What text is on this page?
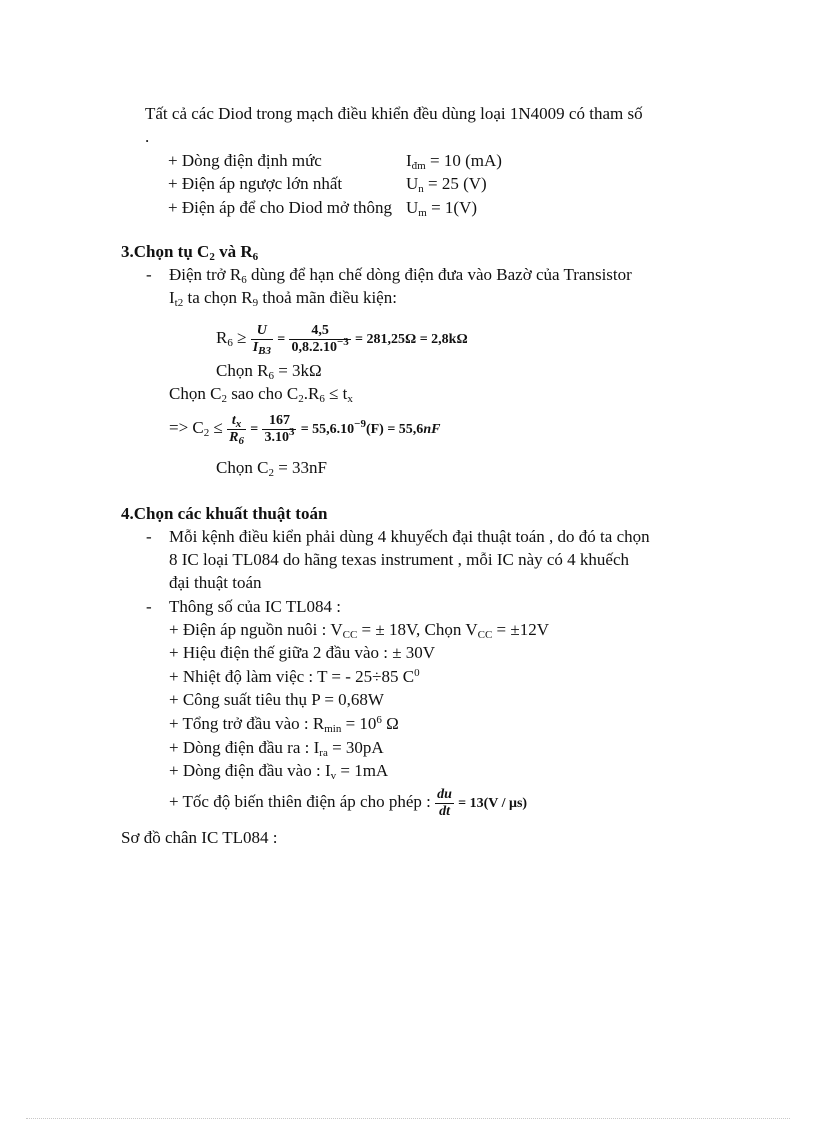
Tất cả các Diod trong mạch điều khiển đều dùng loại 1N4009 có tham số
.
+ Dòng điện định mức	$I_{đm} = 10$ (mA)
+ Điện áp ngược lớn nhất	$U_n = 25$ (V)
+ Điện áp để cho Diod mở thông $U_m = 1(V)$
3.Chọn tụ $C_2$ và $R_6$
- Điện trở $R_6$ dùng để hạn chế dòng điện đưa vào Bazờ của Transistor
$I_{t2}$ ta chọn $R_9$ thoả mãn điều kiện:
$R_6 \ge \frac{U}{I_{B3}} = \frac{4,5}{0,8.2.10^{-3}} = 281,25\Omega = 2,8k\Omega$
Chọn $R_6 = 3k\Omega$
Chọn $C_2$ sao cho $C_2.R_6 \le t_x$
=> $C_2 \le \frac{t_x}{R_6} = \frac{167}{3.10^3} = 55,6.10^{-9}(F) = 55,6nF$
Chọn $C_2 = 33nF$
4.Chọn các khuất thuật toán
- Mỗi kệnh điều kiển phải dùng 4 khuyếch đại thuật toán , do đó ta chọn
8 IC loại TL084 do hãng texas instrument , mỗi IC này có 4 khuếch
đại thuật toán
- Thông số của IC TL084 :
+ Điện áp nguồn nuôi : $V_{CC}$ = ± 18V, Chọn $V_{CC} = \pm 12V$
+ Hiệu điện thế giữa 2 đầu vào : ± 30V
+ Nhiệt độ làm việc : T = - 25÷85 $C^0$
+ Công suất tiêu thụ P = 0,68W
+ Tổng trở đầu vào : $R_{min} = 10^6$ Ω
+ Dòng điện đầu ra : $I_{ra} = 30pA$
+ Dòng điện đầu vào : $I_v = 1mA$
+ Tốc độ biến thiên điện áp cho phép : $\frac{du}{dt} = 13(V / \mu s)$
Sơ đồ chân IC TL084 :
